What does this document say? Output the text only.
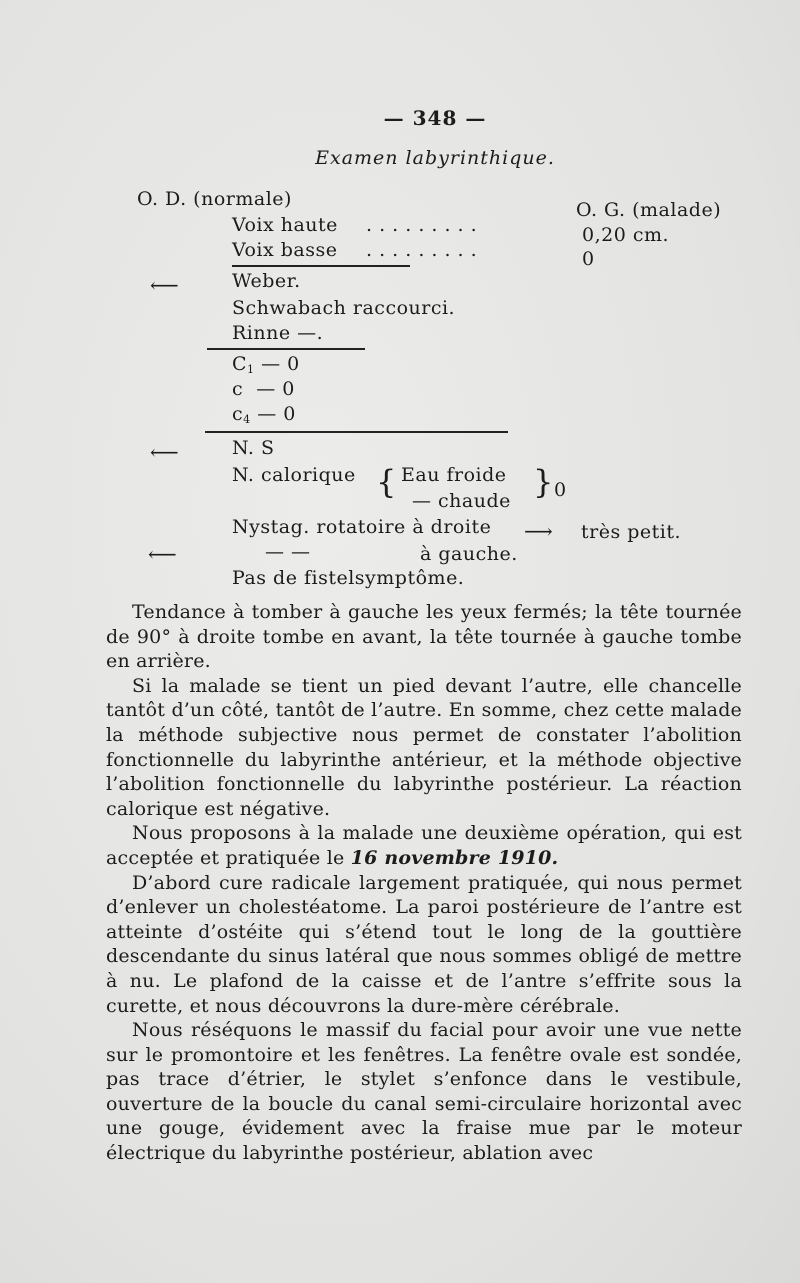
— 348 —
Examen labyrinthique.
O. D. (normale)	O. G. (malade)
Voix haute . . . . . . . . .	0,20 cm.
Voix basse . . . . . . . . .	0
⟵	Weber.
Schwabach raccourci.
Rinne —.
$C_1$ — 0
c — 0
$c_4$ — 0
⟵	N. S
N. calorique { Eau froide
— chaude } 0
Nystag. rotatoire à droite ⟶ très petit.
⟵	— —	à gauche.
Pas de fistelsymptôme.

Tendance à tomber à gauche les yeux fermés; la tête tournée de 90° à droite tombe en avant, la tête tournée à gauche tombe en arrière.

Si la malade se tient un pied devant l’autre, elle chancelle tantôt d’un côté, tantôt de l’autre. En somme, chez cette malade la méthode subjective nous permet de constater l’abolition fonctionnelle du labyrinthe antérieur, et la méthode objective l’abolition fonctionnelle du labyrinthe postérieur. La réaction calorique est négative.

Nous proposons à la malade une deuxième opération, qui est acceptée et pratiquée le 16 novembre 1910.

D’abord cure radicale largement pratiquée, qui nous permet d’enlever un cholestéatome. La paroi postérieure de l’antre est atteinte d’ostéite qui s’étend tout le long de la gouttière descendante du sinus latéral que nous sommes obligé de mettre à nu. Le plafond de la caisse et de l’antre s’effrite sous la curette, et nous découvrons la dure-mère cérébrale.

Nous réséquons le massif du facial pour avoir une vue nette sur le promontoire et les fenêtres. La fenêtre ovale est sondée, pas trace d’étrier, le stylet s’enfonce dans le vestibule, ouverture de la boucle du canal semi-circulaire horizontal avec une gouge, évidement avec la fraise mue par le moteur électrique du labyrinthe postérieur, ablation avec
